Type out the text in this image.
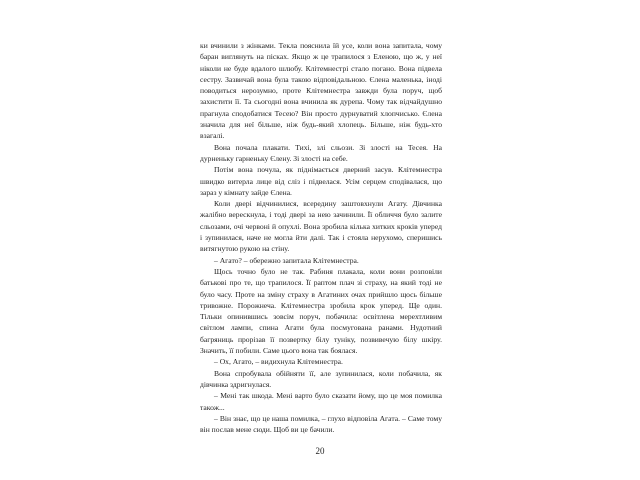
ки вчинили з жінками. Текла пояснила їй усе, коли вона запитала, чому баран виглянуть на пісках. Якщо ж це трапилося з Еленою, що ж, у неї ніколи не буде вдалого шлюбу. Клітемнестрі стало погано. Вона підвела сестру. Зазвичай вона була такою відповідальною. Єлена маленька, іноді поводиться нерозумно, проте Клітемнестра завжди була поруч, щоб захистити її. Та сьогодні вона вчинила як дурепа. Чому так відчайдушно прагнула сподобатися Тесею? Він просто дурнуватий хлопчисько. Єлена значила для неї більше, ніж будь-який хлопець. Більше, ніж будь-хто взагалі.

Вона почала плакати. Тихі, злі сльози. Зі злості на Тесея. На дурненьку гарненьку Єлену. Зі злості на себе.

Потім вона почула, як піднімається дверний засув. Клітемнестра швидко витерла лице від сліз і підвелася. Усім серцем сподівалася, що зараз у кімнату зайде Єлена.

Коли двері відчинилися, всередину заштовхнули Агату. Дівчинка жалібно верескнула, і тоді двері за нею зачинили. Її обличчя було залите сльозами, очі червоні й опухлі. Вона зробила кілька хитких кроків уперед і зупинилася, наче не могла йти далі. Так і стояла нерухомо, сперишись витягнутою рукою на стіну.

– Агато? – обережно запитала Клітемнестра.

Щось точно було не так. Рабиня плакала, коли вони розповіли батькові про те, що трапилося. Її раптом плач зі страху, на який тоді не було часу. Проте на зміну страху в Агатиних очах прийшло щось більше тривожне. Порожнеча. Клітемнестра зробила крок уперед. Ще один. Тільки опинившись зовсім поруч, побачила: освітлена мерехтливим світлом лампи, спина Агати була посмугована ранами. Нудотний багряниць прорізав її позвертку білу туніку, позвивечую білу шкіру. Значить, її побили. Саме цього вона так боялася.

– Ох, Агато, – видихнула Клітемнестра.

Вона спробувала обійняти її, але зупинилася, коли побачила, як дівчинка здригнулася.

– Мені так шкода. Мені варто було сказати йому, що це моя помилка також...

– Він знає, що це наша помилка, – глухо відповіла Агата. – Саме тому він послав мене сюди. Щоб ви це бачили.

20
